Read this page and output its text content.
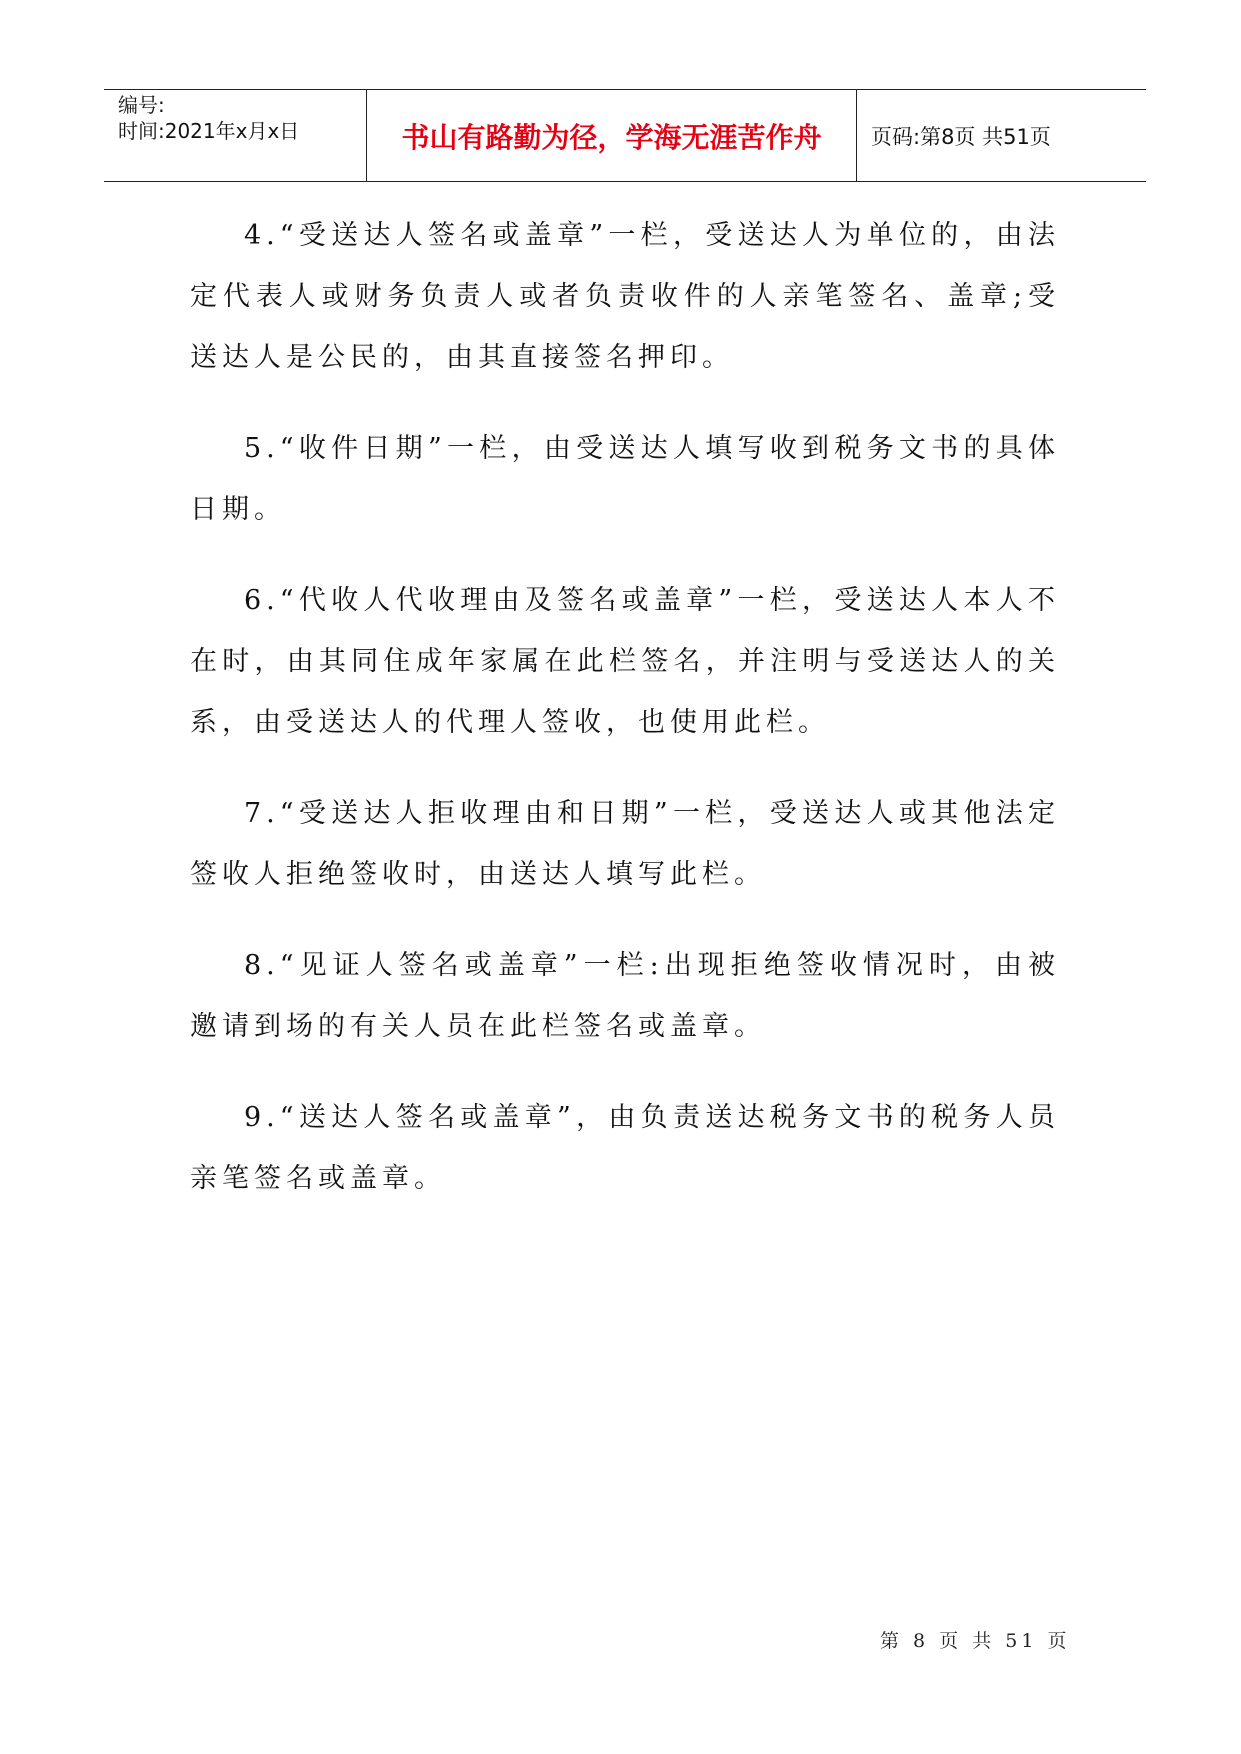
编号:
时间:2021年x月x日	书山有路勤为径，学海无涯苦作舟	页码:第8页 共51页

4.“受送达人签名或盖章”一栏，受送达人为单位的，由法定代表人或财务负责人或者负责收件的人亲笔签名、盖章;受送达人是公民的，由其直接签名押印。

5.“收件日期”一栏，由受送达人填写收到税务文书的具体日期。

6.“代收人代收理由及签名或盖章”一栏，受送达人本人不在时，由其同住成年家属在此栏签名，并注明与受送达人的关系，由受送达人的代理人签收，也使用此栏。

7.“受送达人拒收理由和日期”一栏，受送达人或其他法定签收人拒绝签收时，由送达人填写此栏。

8.“见证人签名或盖章”一栏:出现拒绝签收情况时，由被邀请到场的有关人员在此栏签名或盖章。

9.“送达人签名或盖章”，由负责送达税务文书的税务人员亲笔签名或盖章。

第 8 页 共 51 页
